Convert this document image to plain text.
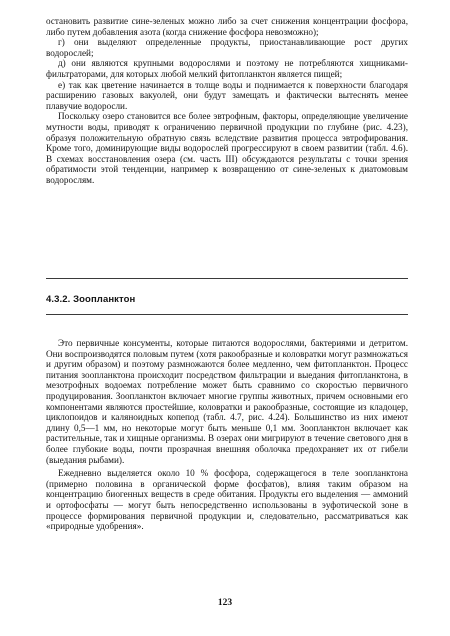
остановить развитие сине-зеленых можно либо за счет снижения концентрации фосфора, либо путем добавления азота (когда снижение фосфора невозможно);

г) они выделяют определенные продукты, приостанавливающие рост других водорослей;

д) они являются крупными водорослями и поэтому не потребляются хищниками-фильтраторами, для которых любой мелкий фитопланктон является пищей;

е) так как цветение начинается в толще воды и поднимается к поверхности благодаря расширению газовых вакуолей, они будут замещать и фактически вытеснять менее плавучие водоросли.

Поскольку озеро становится все более эвтрофным, факторы, определяющие увеличение мутности воды, приводят к ограничению первичной продукции по глубине (рис. 4.23), образуя положительную обратную связь вследствие развития процесса эвтрофирования. Кроме того, доминирующие виды водорослей прогрессируют в своем развитии (табл. 4.6). В схемах восстановления озера (см. часть III) обсуждаются результаты с точки зрения обратимости этой тенденции, например к возвращению от сине-зеленых к диатомовым водорослям.

4.3.2. Зоопланктон

Это первичные консументы, которые питаются водорослями, бактериями и детритом. Они воспроизводятся половым путем (хотя ракообразные и коловратки могут размножаться и другим образом) и поэтому размножаются более медленно, чем фитопланктон. Процесс питания зоопланктона происходит посредством фильтрации и выедания фитопланктона, в мезотрофных водоемах потребление может быть сравнимо со скоростью первичного продуцирования. Зоопланктон включает многие группы животных, причем основными его компонентами являются простейшие, коловратки и ракообразные, состоящие из кладоцер, циклопоидов и каляноидных копепод (табл. 4.7, рис. 4.24). Большинство из них имеют длину 0,5—1 мм, но некоторые могут быть меньше 0,1 мм. Зоопланктон включает как растительные, так и хищные организмы. В озерах они мигрируют в течение светового дня в более глубокие воды, почти прозрачная внешняя оболочка предохраняет их от гибели (выедания рыбами).

Ежедневно выделяется около 10 % фосфора, содержащегося в теле зоопланктона (примерно половина в органической форме фосфатов), влияя таким образом на концентрацию биогенных веществ в среде обитания. Продукты его выделения — аммоний и ортофосфаты — могут быть непосредственно использованы в эуфотической зоне в процессе формирования первичной продукции и, следовательно, рассматриваться как «природные удобрения».

123
